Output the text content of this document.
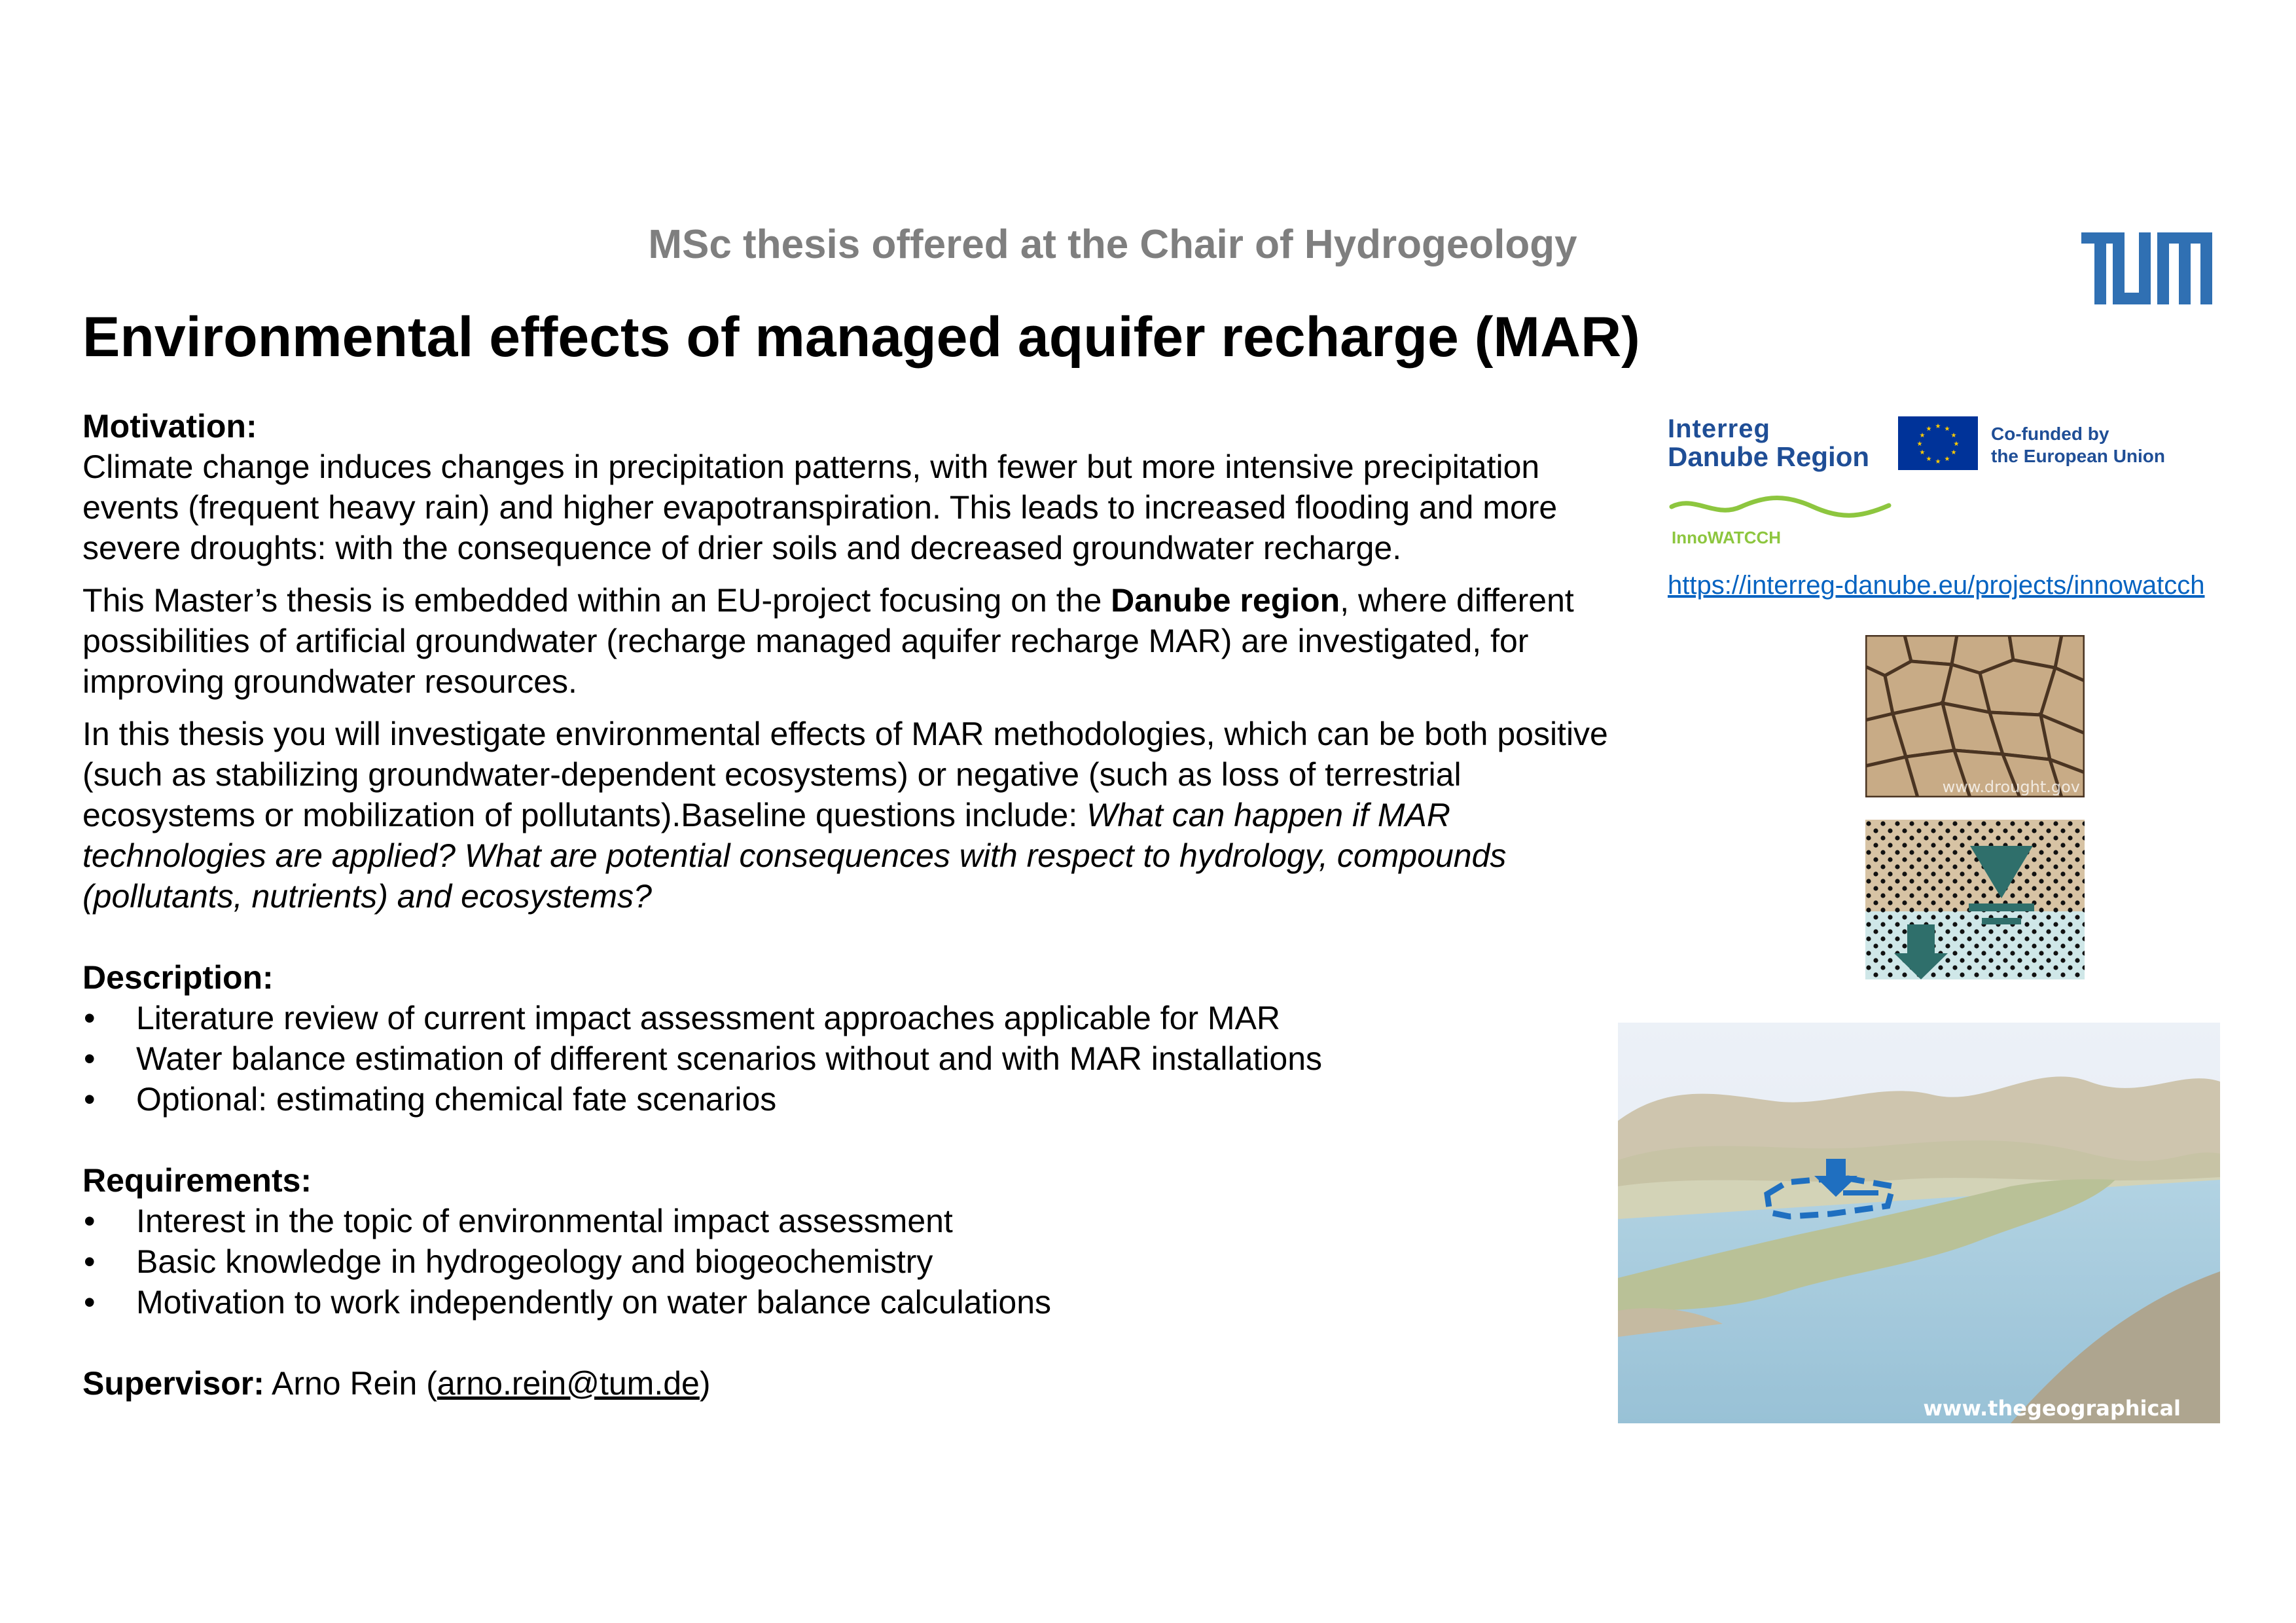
MSc thesis offered at the Chair of Hydrogeology
Environmental effects of managed aquifer recharge (MAR)

Motivation:

Climate change induces changes in precipitation patterns, with fewer but more intensive precipitation events (frequent heavy rain) and higher evapotranspiration. This leads to increased flooding and more severe droughts: with the consequence of drier soils and decreased groundwater recharge.

This Master’s thesis is embedded within an EU-project focusing on the Danube region, where different possibilities of artificial groundwater (recharge managed aquifer recharge MAR) are investigated, for improving groundwater resources.

In this thesis you will investigate environmental effects of MAR methodologies, which can be both positive (such as stabilizing groundwater-dependent ecosystems) or negative (such as loss of terrestrial ecosystems or mobilization of pollutants).Baseline questions include: What can happen if MAR technologies are applied? What are potential consequences with respect to hydrology, compounds (pollutants, nutrients) and ecosystems?

Description:

• Literature review of current impact assessment approaches applicable for MAR
• Water balance estimation of different scenarios without and with MAR installations
• Optional: estimating chemical fate scenarios

Requirements:

• Interest in the topic of environmental impact assessment
• Basic knowledge in hydrogeology and biogeochemistry
• Motivation to work independently on water balance calculations

Supervisor: Arno Rein (arno.rein@tum.de)

Interreg
Danube Region
★ ★
★
★
★
★
★
★
★
★
★
★	Co-funded by
the European Union
InnoWATCCH
https://interreg-danube.eu/projects/innowatcch
www.drought.gov
www.thegeographical
